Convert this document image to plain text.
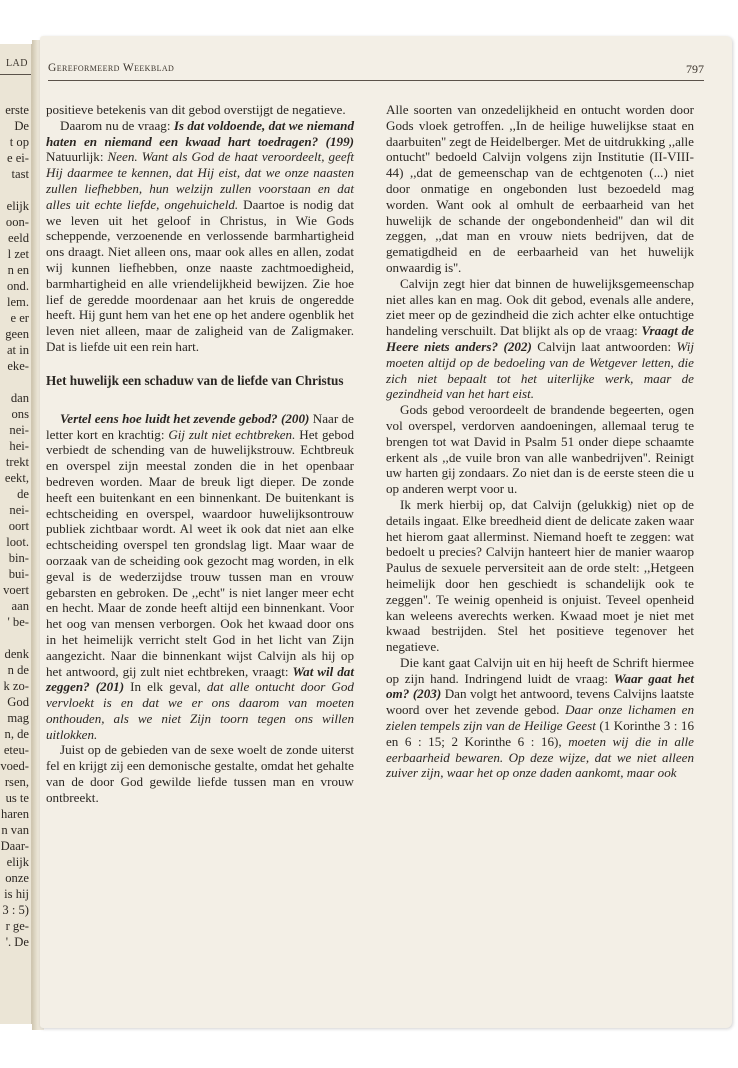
LAD
erste
De
t op
e ei-
tast

elijk
oon-
eeld
l zet
n en
ond.
lem.
e er
geen
at in
eke-

dan
ons
nei-
hei-
trekt
eekt,
de
nei-
oort
loot.
bin-
bui-
voert
aan
' be-

denk
n de
k zo-
God
mag
n, de
eteu-
voed-
rsen,
us te
haren
n van
Daar-
elijk
onze
is hij
3 : 5)
r ge-
'. De
Gereformeerd Weekblad	797

positieve betekenis van dit gebod overstijgt de negatieve.

Daarom nu de vraag: Is dat voldoende, dat we niemand haten en niemand een kwaad hart toedragen? (199) Natuurlijk: Neen. Want als God de haat veroordeelt, geeft Hij daarmee te kennen, dat Hij eist, dat we onze naasten zullen liefhebben, hun welzijn zullen voorstaan en dat alles uit echte liefde, ongehuicheld. Daartoe is nodig dat we leven uit het geloof in Christus, in Wie Gods scheppende, verzoenende en verlossende barmhartigheid ons draagt. Niet alleen ons, maar ook alles en allen, zodat wij kunnen liefhebben, onze naaste zachtmoedigheid, barmhartigheid en alle vriendelijkheid bewijzen. Zie hoe lief de geredde moordenaar aan het kruis de ongeredde heeft. Hij gunt hem van het ene op het andere ogenblik het leven niet alleen, maar de zaligheid van de Zaligmaker. Dat is liefde uit een rein hart.

Het huwelijk een schaduw van de liefde van Christus

Vertel eens hoe luidt het zevende gebod? (200) Naar de letter kort en krachtig: Gij zult niet echtbreken. Het gebod verbiedt de schending van de huwelijkstrouw. Echtbreuk en overspel zijn meestal zonden die in het openbaar bedreven worden. Maar de breuk ligt dieper. De zonde heeft een buitenkant en een binnenkant. De buitenkant is echtscheiding en overspel, waardoor huwelijksontrouw publiek zichtbaar wordt. Al weet ik ook dat niet aan elke echtscheiding overspel ten grondslag ligt. Maar waar de oorzaak van de scheiding ook gezocht mag worden, in elk geval is de wederzijdse trouw tussen man en vrouw gebarsten en gebroken. De ,,echt'' is niet langer meer echt en hecht. Maar de zonde heeft altijd een binnenkant. Voor het oog van mensen verborgen. Ook het kwaad door ons in het heimelijk verricht stelt God in het licht van Zijn aangezicht. Naar die binnenkant wijst Calvijn als hij op het antwoord, gij zult niet echtbreken, vraagt: Wat wil dat zeggen? (201) In elk geval, dat alle ontucht door God vervloekt is en dat we er ons daarom van moeten onthouden, als we niet Zijn toorn tegen ons willen uitlokken.

Juist op de gebieden van de sexe woelt de zonde uiterst fel en krijgt zij een demonische gestalte, omdat het gehalte van de door God gewilde liefde tussen man en vrouw ontbreekt.

Alle soorten van onzedelijkheid en ontucht worden door Gods vloek getroffen. ,,In de heilige huwelijkse staat en daarbuiten'' zegt de Heidelberger. Met de uitdrukking ,,alle ontucht'' bedoeld Calvijn volgens zijn Institutie (II-VIII-44) ,,dat de gemeenschap van de echtgenoten (...) niet door onmatige en ongebonden lust bezoedeld mag worden. Want ook al omhult de eerbaarheid van het huwelijk de schande der ongebondenheid'' dan wil dit zeggen, ,,dat man en vrouw niets bedrijven, dat de gematigdheid en de eerbaarheid van het huwelijk onwaardig is''.

Calvijn zegt hier dat binnen de huwelijksgemeenschap niet alles kan en mag. Ook dit gebod, evenals alle andere, ziet meer op de gezindheid die zich achter elke ontuchtige handeling verschuilt. Dat blijkt als op de vraag: Vraagt de Heere niets anders? (202) Calvijn laat antwoorden: Wij moeten altijd op de bedoeling van de Wetgever letten, die zich niet bepaalt tot het uiterlijke werk, maar de gezindheid van het hart eist.

Gods gebod veroordeelt de brandende begeerten, ogen vol overspel, verdorven aandoeningen, allemaal terug te brengen tot wat David in Psalm 51 onder diepe schaamte erkent als ,,de vuile bron van alle wanbedrijven''. Reinigt uw harten gij zondaars. Zo niet dan is de eerste steen die u op anderen werpt voor u.

Ik merk hierbij op, dat Calvijn (gelukkig) niet op de details ingaat. Elke breedheid dient de delicate zaken waar het hierom gaat allerminst. Niemand hoeft te zeggen: wat bedoelt u precies? Calvijn hanteert hier de manier waarop Paulus de sexuele perversiteit aan de orde stelt: ,,Hetgeen heimelijk door hen geschiedt is schandelijk ook te zeggen''. Te weinig openheid is onjuist. Teveel openheid kan weleens averechts werken. Kwaad moet je niet met kwaad bestrijden. Stel het positieve tegenover het negatieve.

Die kant gaat Calvijn uit en hij heeft de Schrift hiermee op zijn hand. Indringend luidt de vraag: Waar gaat het om? (203) Dan volgt het antwoord, tevens Calvijns laatste woord over het zevende gebod. Daar onze lichamen en zielen tempels zijn van de Heilige Geest (1 Korinthe 3 : 16 en 6 : 15; 2 Korinthe 6 : 16), moeten wij die in alle eerbaarheid bewaren. Op deze wijze, dat we niet alleen zuiver zijn, waar het op onze daden aankomt, maar ook
